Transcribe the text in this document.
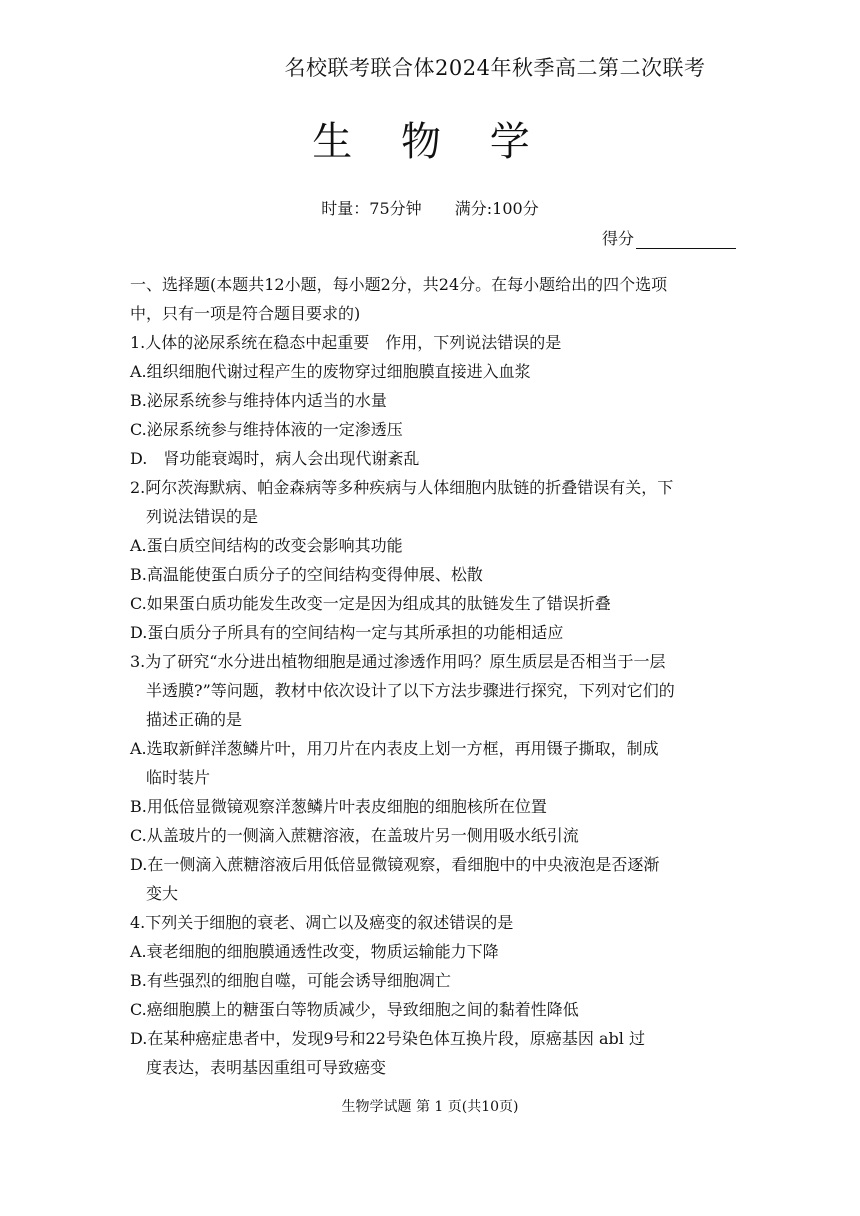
名校联考联合体2024年秋季高二第二次联考
生 物 学
时量：75分钟 满分:100分
得分
一、选择题(本题共12小题，每小题2分，共24分。在每小题给出的四个选项
中，只有一项是符合题目要求的)
1.人体的泌尿系统在稳态中起重要　作用，下列说法错误的是
A.组织细胞代谢过程产生的废物穿过细胞膜直接进入血浆
B.泌尿系统参与维持体内适当的水量
C.泌尿系统参与维持体液的一定渗透压
D.　肾功能衰竭时，病人会出现代谢紊乱
2.阿尔茨海默病、帕金森病等多种疾病与人体细胞内肽链的折叠错误有关，下
列说法错误的是
A.蛋白质空间结构的改变会影响其功能
B.高温能使蛋白质分子的空间结构变得伸展、松散
C.如果蛋白质功能发生改变一定是因为组成其的肽链发生了错误折叠
D.蛋白质分子所具有的空间结构一定与其所承担的功能相适应
3.为了研究“水分进出植物细胞是通过渗透作用吗？原生质层是否相当于一层
半透膜?”等问题，教材中依次设计了以下方法步骤进行探究，下列对它们的
描述正确的是
A.选取新鲜洋葱鳞片叶，用刀片在内表皮上划一方框，再用镊子撕取，制成
临时装片
B.用低倍显微镜观察洋葱鳞片叶表皮细胞的细胞核所在位置
C.从盖玻片的一侧滴入蔗糖溶液，在盖玻片另一侧用吸水纸引流
D.在一侧滴入蔗糖溶液后用低倍显微镜观察，看细胞中的中央液泡是否逐渐
变大
4.下列关于细胞的衰老、凋亡以及癌变的叙述错误的是
A.衰老细胞的细胞膜通透性改变，物质运输能力下降
B.有些强烈的细胞自噬，可能会诱导细胞凋亡
C.癌细胞膜上的糖蛋白等物质减少，导致细胞之间的黏着性降低
D.在某种癌症患者中，发现9号和22号染色体互换片段，原癌基因 abl 过
度表达，表明基因重组可导致癌变
生物学试题 第 1 页(共10页)
